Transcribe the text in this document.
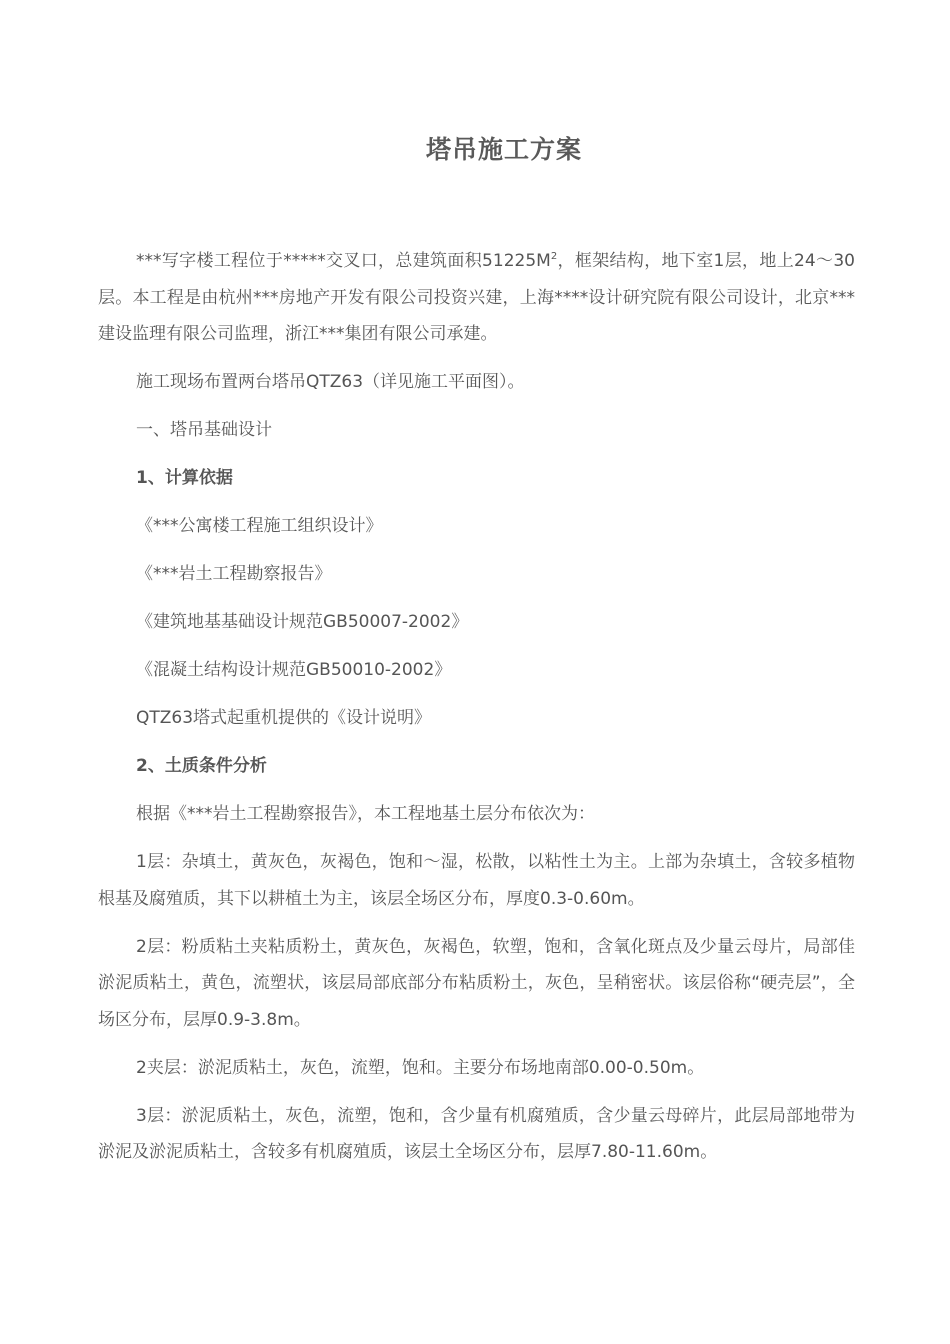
塔吊施工方案

***写字楼工程位于*****交叉口，总建筑面积$51225M^2$，框架结构，地下室1层，地上24～30层。本工程是由杭州***房地产开发有限公司投资兴建，上海****设计研究院有限公司设计，北京***建设监理有限公司监理，浙江***集团有限公司承建。

施工现场布置两台塔吊QTZ63（详见施工平面图）。

一、塔吊基础设计

1、计算依据

《***公寓楼工程施工组织设计》

《***岩土工程勘察报告》

《建筑地基基础设计规范GB50007-2002》

《混凝土结构设计规范GB50010-2002》

QTZ63塔式起重机提供的《设计说明》

2、土质条件分析

根据《***岩土工程勘察报告》，本工程地基土层分布依次为：

1层：杂填土，黄灰色，灰褐色，饱和～湿，松散，以粘性土为主。上部为杂填土，含较多植物根基及腐殖质，其下以耕植土为主，该层全场区分布，厚度0.3-0.60m。

2层：粉质粘土夹粘质粉土，黄灰色，灰褐色，软塑，饱和，含氧化斑点及少量云母片，局部佳淤泥质粘土，黄色，流塑状，该层局部底部分布粘质粉土，灰色，呈稍密状。该层俗称“硬壳层”，全场区分布，层厚0.9-3.8m。

2夹层：淤泥质粘土，灰色，流塑，饱和。主要分布场地南部0.00-0.50m。

3层：淤泥质粘土，灰色，流塑，饱和，含少量有机腐殖质，含少量云母碎片，此层局部地带为淤泥及淤泥质粘土，含较多有机腐殖质，该层土全场区分布，层厚7.80-11.60m。
